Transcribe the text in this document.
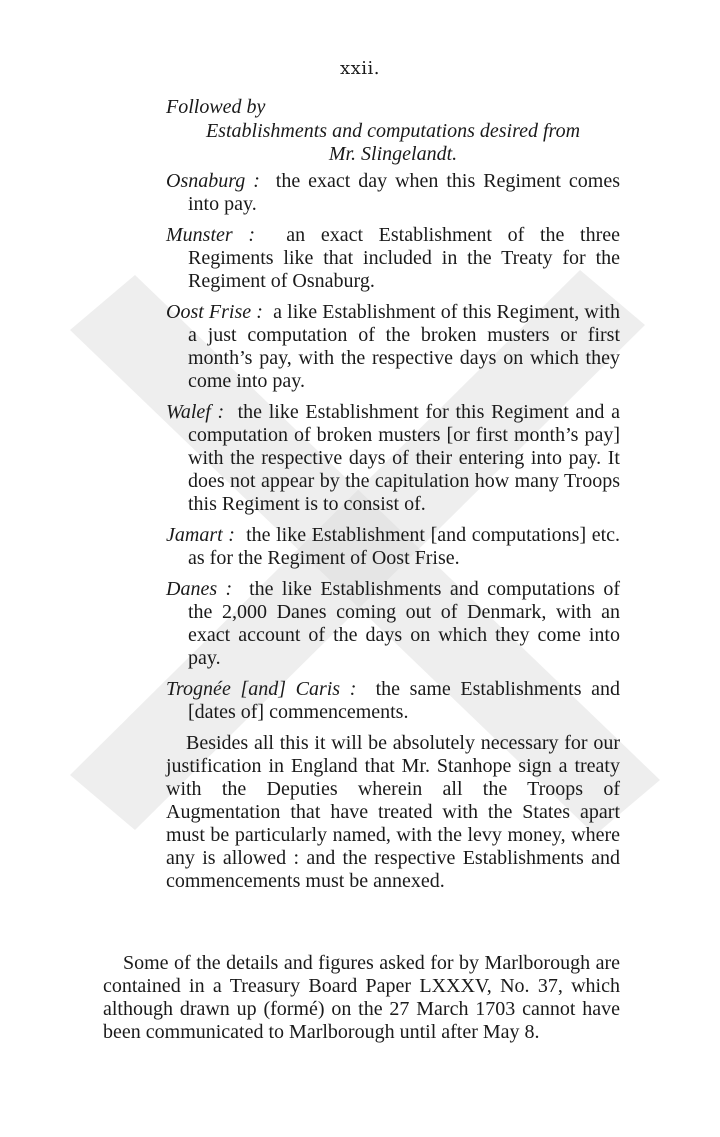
xxii.
Followed by
Establishments and computations desired from
Mr. Slingelandt.

Osnaburg : the exact day when this Regiment comes into pay.

Munster : an exact Establishment of the three Regiments like that included in the Treaty for the Regiment of Osnaburg.

Oost Frise : a like Establishment of this Regiment, with a just computation of the broken musters or first month’s pay, with the respective days on which they come into pay.

Walef : the like Establishment for this Regiment and a computation of broken musters [or first month’s pay] with the respective days of their entering into pay. It does not appear by the capitulation how many Troops this Regiment is to consist of.

Jamart : the like Establishment [and computations] etc. as for the Regiment of Oost Frise.

Danes : the like Establishments and computations of the 2,000 Danes coming out of Denmark, with an exact account of the days on which they come into pay.

Trognée [and] Caris : the same Establishments and [dates of] commencements.

Besides all this it will be absolutely necessary for our justification in England that Mr. Stanhope sign a treaty with the Deputies wherein all the Troops of Augmentation that have treated with the States apart must be particularly named, with the levy money, where any is allowed : and the respective Establishments and commencements must be annexed.

Some of the details and figures asked for by Marlborough are contained in a Treasury Board Paper LXXXV, No. 37, which although drawn up (formé) on the 27 March 1703 cannot have been communicated to Marlborough until after May 8.
